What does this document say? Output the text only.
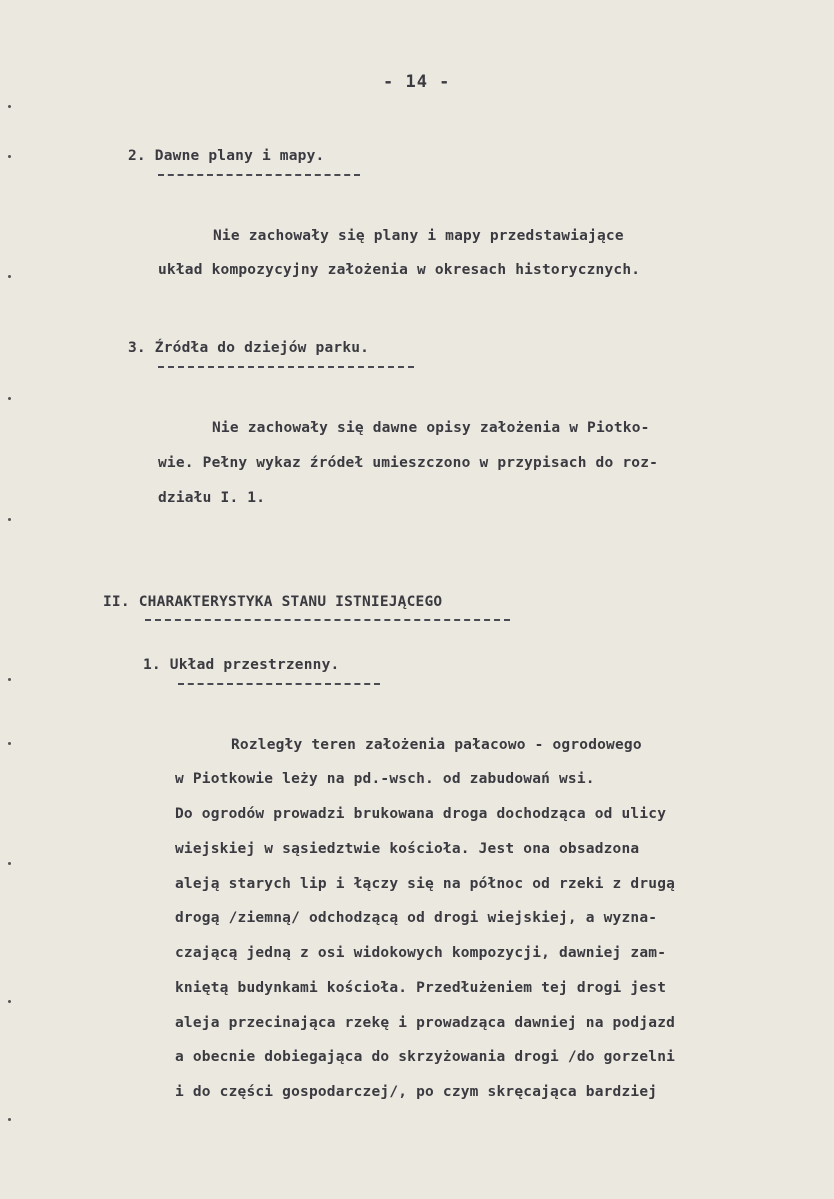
- 14 -
2. Dawne plany i mapy.
Nie zachowały się plany i mapy przedstawiające
układ kompozycyjny założenia w okresach historycznych.
3. Źródła do dziejów parku.
Nie zachowały się dawne opisy założenia w Piotko-
wie. Pełny wykaz źródeł umieszczono w przypisach do roz-
działu I. 1.
II. CHARAKTERYSTYKA STANU ISTNIEJĄCEGO
1. Układ przestrzenny.
Rozległy teren założenia pałacowo - ogrodowego
w Piotkowie leży na pd.-wsch. od zabudowań wsi.
Do ogrodów prowadzi brukowana droga dochodząca od ulicy
wiejskiej w sąsiedztwie kościoła. Jest ona obsadzona
aleją starych lip i łączy się na północ od rzeki z drugą
drogą /ziemną/ odchodzącą od drogi wiejskiej, a wyzna-
czającą jedną z osi widokowych kompozycji, dawniej zam-
kniętą budynkami kościoła. Przedłużeniem tej drogi jest
aleja przecinająca rzekę i prowadząca dawniej na podjazd
a obecnie dobiegająca do skrzyżowania drogi /do gorzelni
i do części gospodarczej/, po czym skręcająca bardziej
